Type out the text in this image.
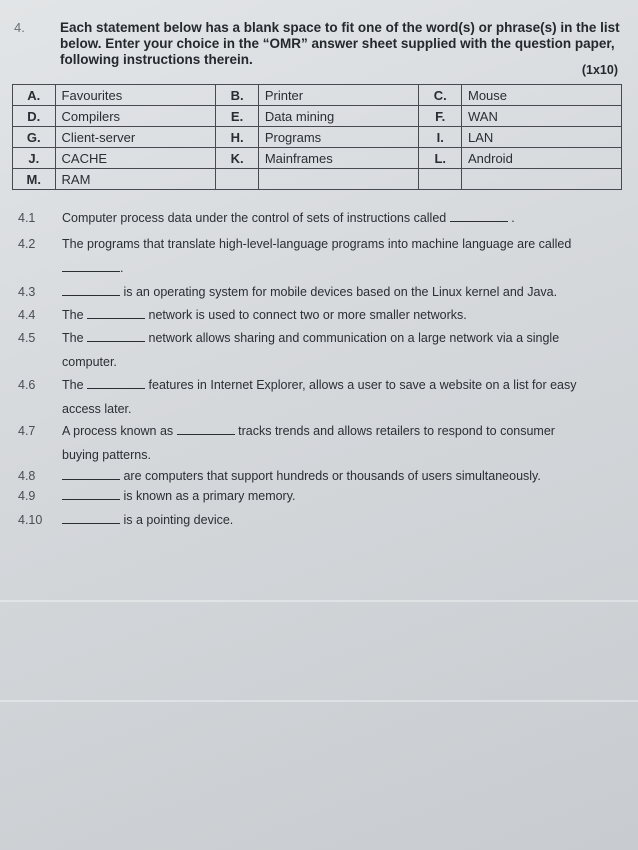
4.	Each statement below has a blank space to fit one of the word(s) or phrase(s) in the list below. Enter your choice in the “OMR” answer sheet supplied with the question paper, following instructions therein.
(1x10)
A.	Favourites	B.	Printer	C.	Mouse
D.	Compilers	E.	Data mining	F.	WAN
G.	Client-server	H.	Programs	I.	LAN
J.	CACHE	K.	Mainframes	L.	Android
M.	RAM				
4.1	Computer process data under the control of sets of instructions called	.
4.2	The programs that translate high-level-language programs into machine language are called
.
4.3	is an operating system for mobile devices based on the Linux kernel and Java.
4.4	The	network is used to connect two or more smaller networks.
4.5	The	network allows sharing and communication on a large network via a single
computer.
4.6	The	features in Internet Explorer, allows a user to save a website on a list for easy
access later.
4.7	A process known as	tracks trends and allows retailers to respond to consumer
buying patterns.
4.8	are computers that support hundreds or thousands of users simultaneously.
4.9	is known as a primary memory.
4.10	is a pointing device.
